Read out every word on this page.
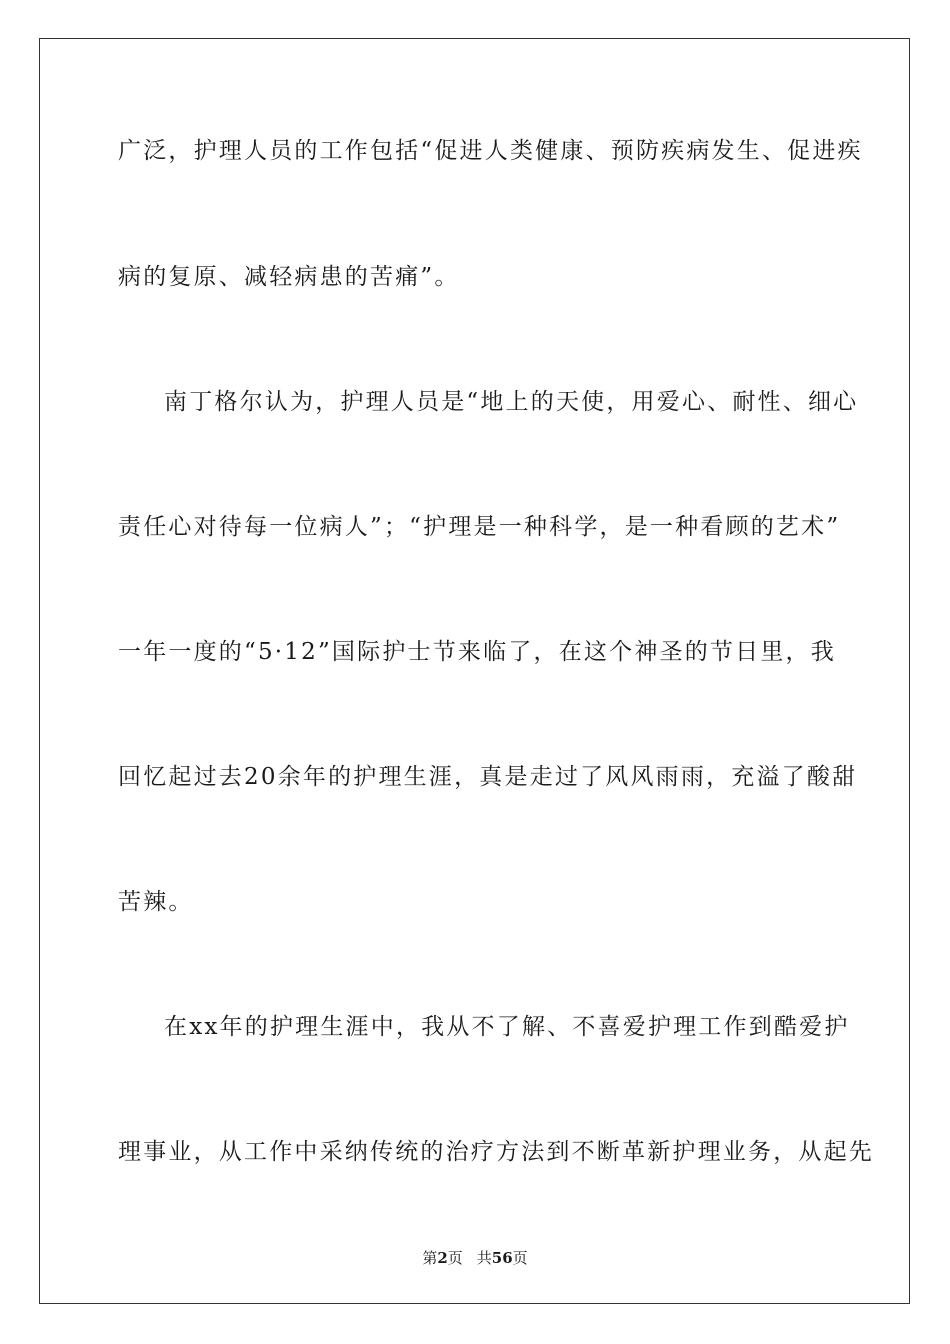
广泛，护理人员的工作包括“促进人类健康、预防疾病发生、促进疾
病的复原、减轻病患的苦痛”。
南丁格尔认为，护理人员是“地上的天使，用爱心、耐性、细心
责任心对待每一位病人”；“护理是一种科学，是一种看顾的艺术”
一年一度的“5·12”国际护士节来临了，在这个神圣的节日里，我
回忆起过去20余年的护理生涯，真是走过了风风雨雨，充溢了酸甜
苦辣。
在xx年的护理生涯中，我从不了解、不喜爱护理工作到酷爱护
理事业，从工作中采纳传统的治疗方法到不断革新护理业务，从起先
第2页 共56页
